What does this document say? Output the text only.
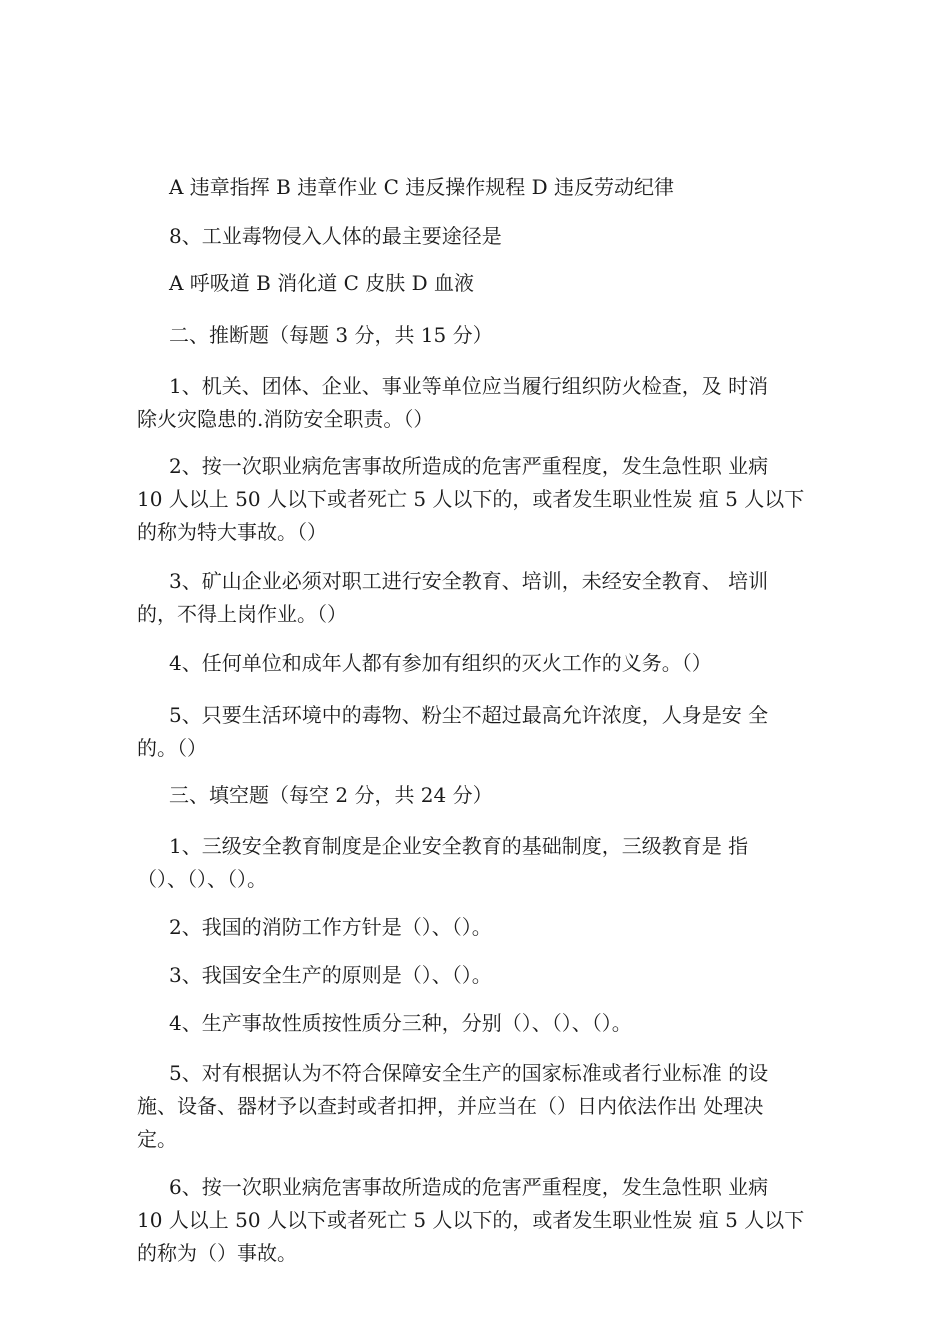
A 违章指挥 B 违章作业 C 违反操作规程 D 违反劳动纪律

8、工业毒物侵入人体的最主要途径是

A 呼吸道 B 消化道 C 皮肤 D 血液

二、推断题（每题 3 分，共 15 分）

1、机关、团体、企业、事业等单位应当履行组织防火检查，及 时消
除火灾隐患的.消防安全职责。（）

2、按一次职业病危害事故所造成的危害严重程度，发生急性职 业病
10 人以上 50 人以下或者死亡 5 人以下的，或者发生职业性炭 疽 5 人以下
的称为特大事故。（）

3、矿山企业必须对职工进行安全教育、培训，未经安全教育、 培训
的，不得上岗作业。（）

4、任何单位和成年人都有参加有组织的灭火工作的义务。（）

5、只要生活环境中的毒物、粉尘不超过最高允许浓度，人身是安 全
的。（）

三、填空题（每空 2 分，共 24 分）

1、三级安全教育制度是企业安全教育的基础制度，三级教育是 指
（）、（）、（）。

2、我国的消防工作方针是（）、（）。

3、我国安全生产的原则是（）、（）。

4、生产事故性质按性质分三种，分别（）、（）、（）。

5、对有根据认为不符合保障安全生产的国家标准或者行业标准 的设
施、设备、器材予以查封或者扣押，并应当在（）日内依法作出 处理决
定。

6、按一次职业病危害事故所造成的危害严重程度，发生急性职 业病
10 人以上 50 人以下或者死亡 5 人以下的，或者发生职业性炭 疽 5 人以下
的称为（）事故。
